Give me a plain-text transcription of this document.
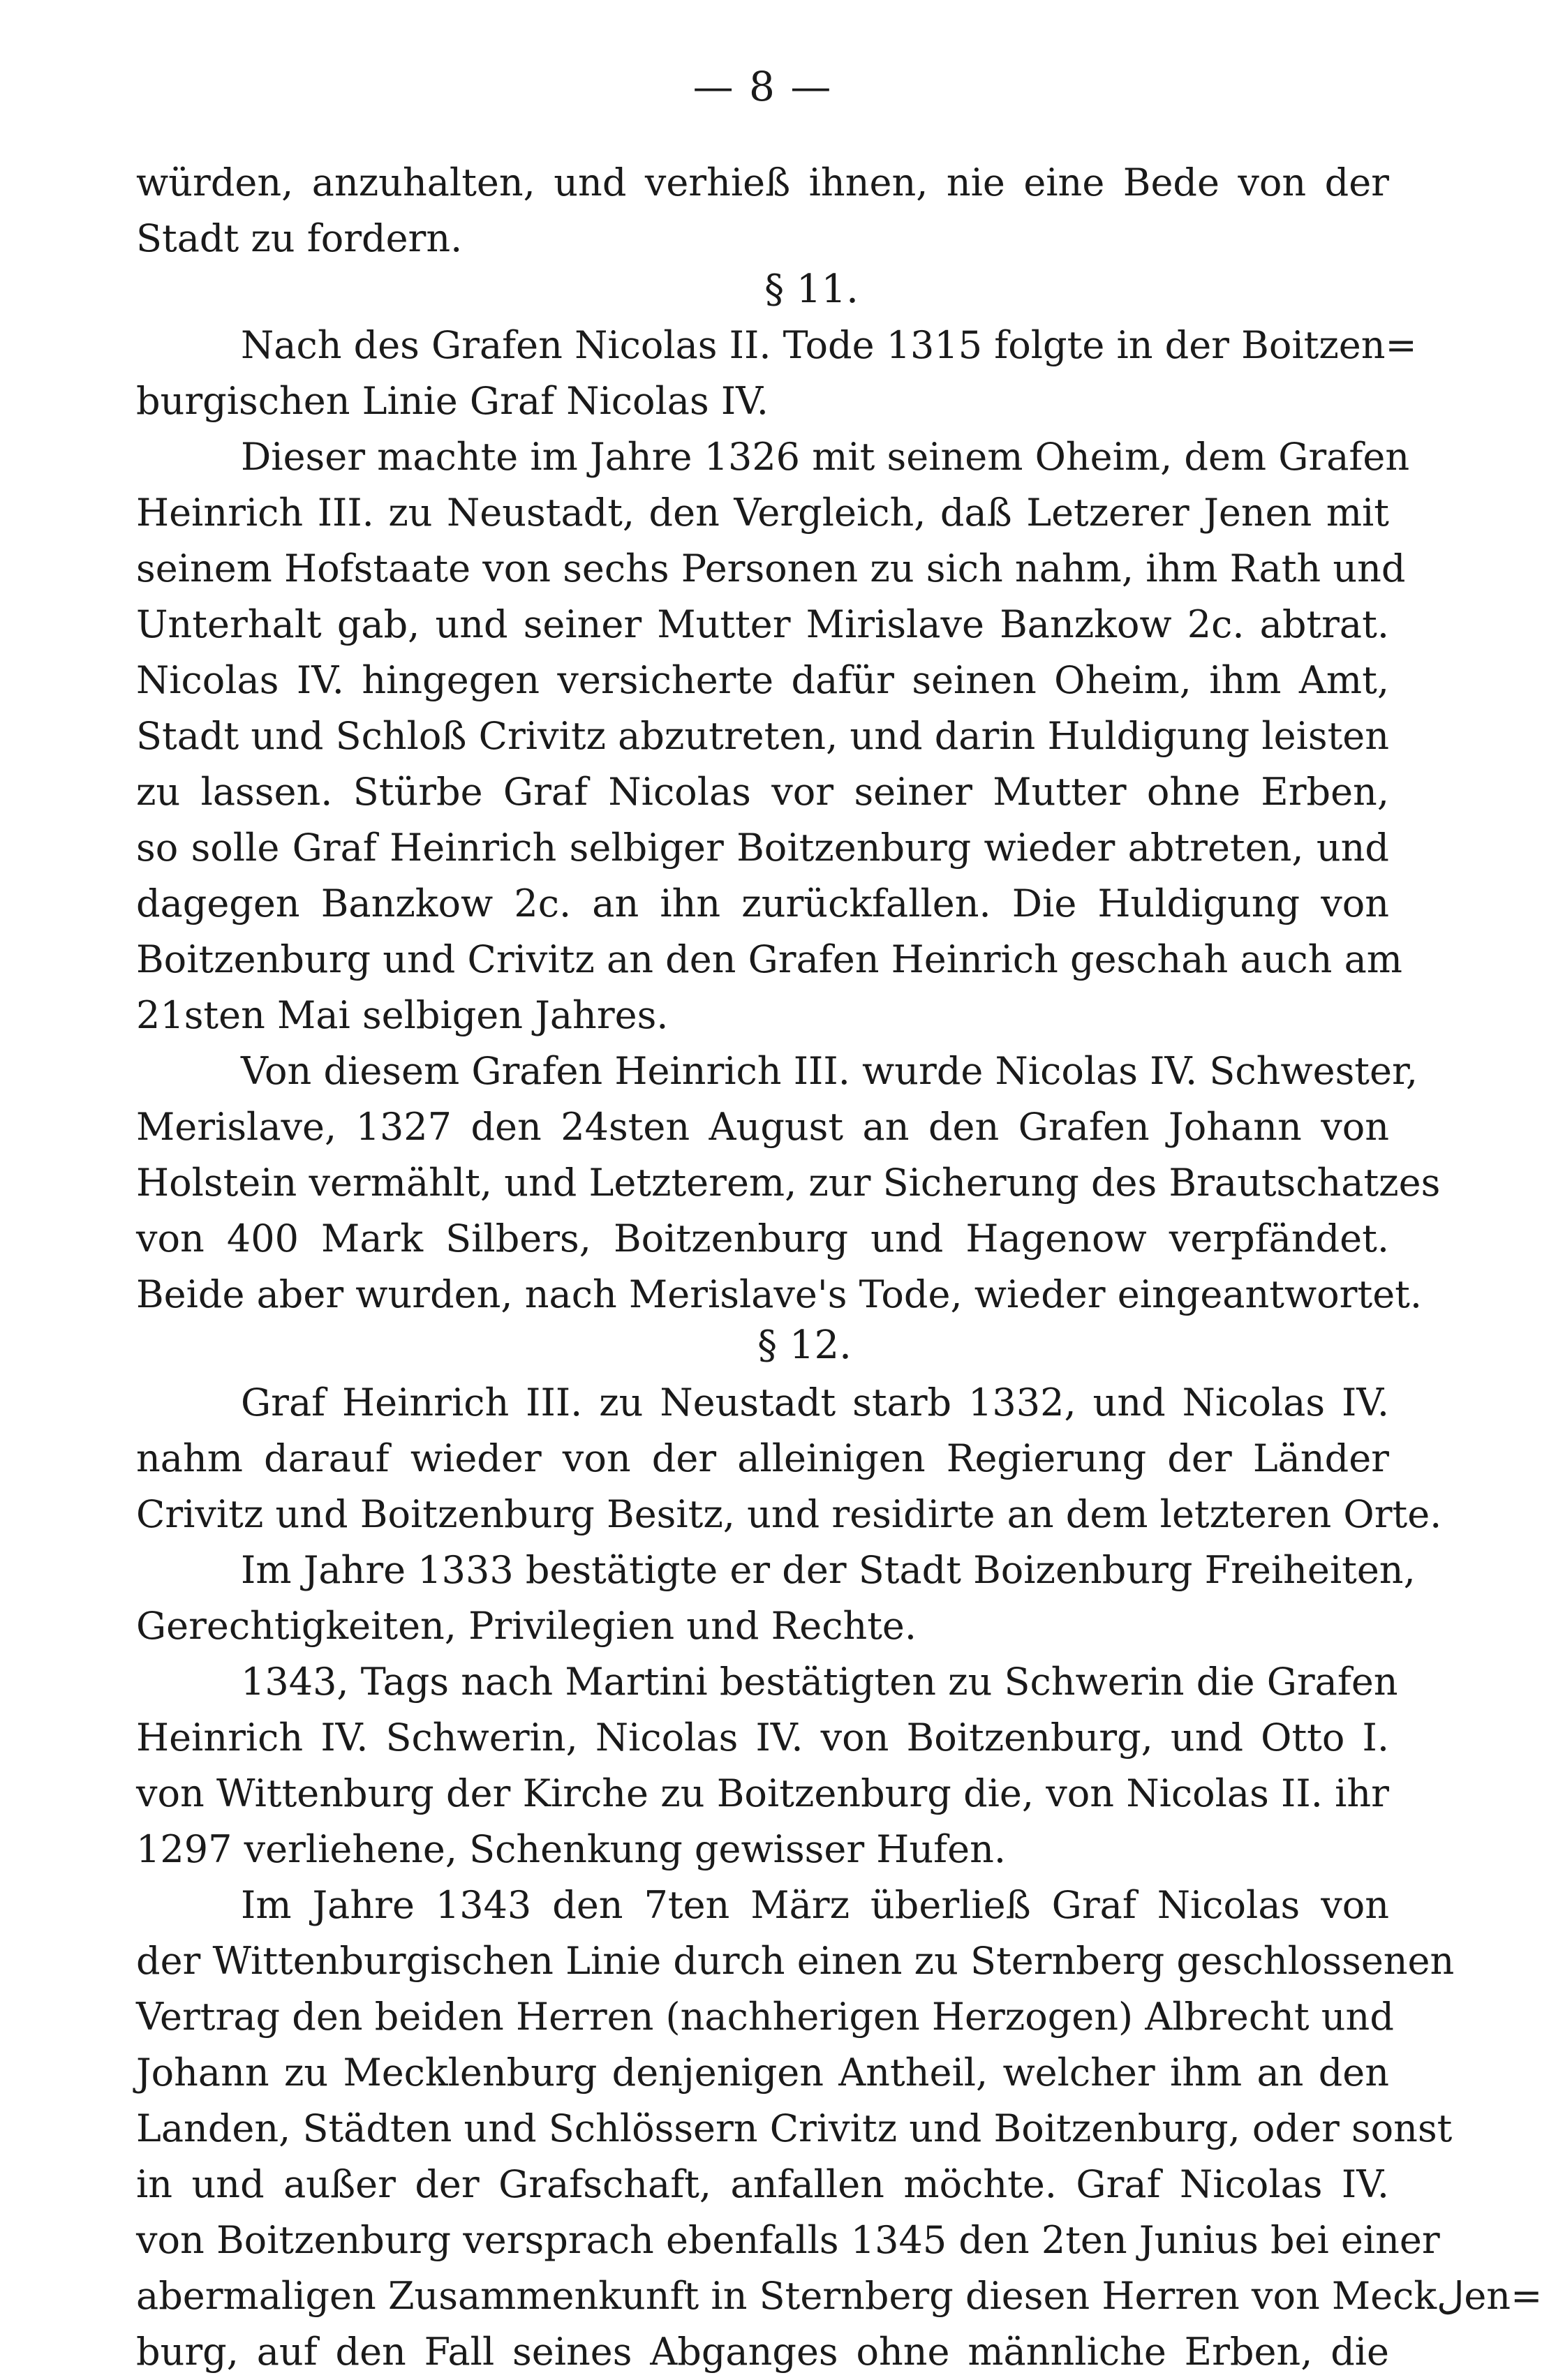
— 8 —
würden, anzuhalten, und verhieß ihnen, nie eine Bede von der
Stadt zu fordern.
§ 11.
Nach des Grafen Nicolas II. Tode 1315 folgte in der Boitzen=
burgischen Linie Graf Nicolas IV.
Dieser machte im Jahre 1326 mit seinem Oheim, dem Grafen
Heinrich III. zu Neustadt, den Vergleich, daß Letzerer Jenen mit
seinem Hofstaate von sechs Personen zu sich nahm, ihm Rath und
Unterhalt gab, und seiner Mutter Mirislave Banzkow 2c. abtrat.
Nicolas IV. hingegen versicherte dafür seinen Oheim, ihm Amt,
Stadt und Schloß Crivitz abzutreten, und darin Huldigung leisten
zu lassen. Stürbe Graf Nicolas vor seiner Mutter ohne Erben,
so solle Graf Heinrich selbiger Boitzenburg wieder abtreten, und
dagegen Banzkow 2c. an ihn zurückfallen. Die Huldigung von
Boitzenburg und Crivitz an den Grafen Heinrich geschah auch am
21sten Mai selbigen Jahres.
Von diesem Grafen Heinrich III. wurde Nicolas IV. Schwester,
Merislave, 1327 den 24sten August an den Grafen Johann von
Holstein vermählt, und Letzterem, zur Sicherung des Brautschatzes
von 400 Mark Silbers, Boitzenburg und Hagenow verpfändet.
Beide aber wurden, nach Merislave's Tode, wieder eingeantwortet.
§ 12.
Graf Heinrich III. zu Neustadt starb 1332, und Nicolas IV.
nahm darauf wieder von der alleinigen Regierung der Länder
Crivitz und Boitzenburg Besitz, und residirte an dem letzteren Orte.
Im Jahre 1333 bestätigte er der Stadt Boizenburg Freiheiten,
Gerechtigkeiten, Privilegien und Rechte.
1343, Tags nach Martini bestätigten zu Schwerin die Grafen
Heinrich IV. Schwerin, Nicolas IV. von Boitzenburg, und Otto I.
von Wittenburg der Kirche zu Boitzenburg die, von Nicolas II. ihr
1297 verliehene, Schenkung gewisser Hufen.
Im Jahre 1343 den 7ten März überließ Graf Nicolas von
der Wittenburgischen Linie durch einen zu Sternberg geschlossenen
Vertrag den beiden Herren (nachherigen Herzogen) Albrecht und
Johann zu Mecklenburg denjenigen Antheil, welcher ihm an den
Landen, Städten und Schlössern Crivitz und Boitzenburg, oder sonst
in und außer der Grafschaft, anfallen möchte. Graf Nicolas IV.
von Boitzenburg versprach ebenfalls 1345 den 2ten Junius bei einer
abermaligen Zusammenkunft in Sternberg diesen Herren von Meckلen=
burg, auf den Fall seines Abganges ohne männliche Erben, die
